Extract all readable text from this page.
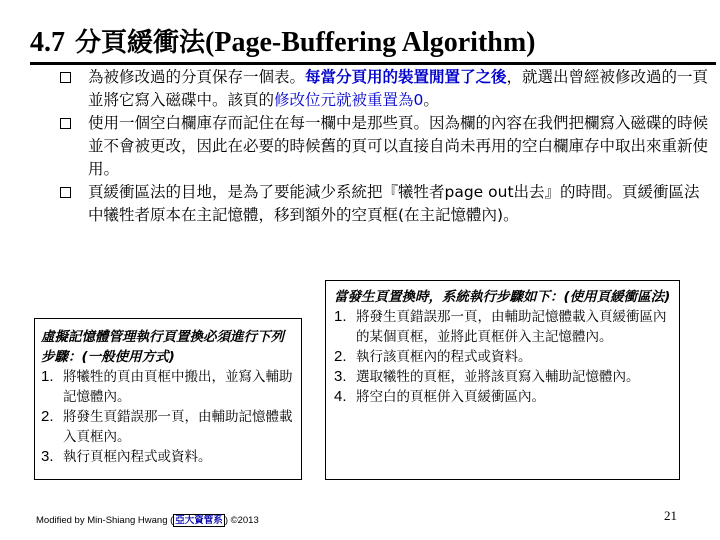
4.7 分頁緩衝法(Page-Buffering Algorithm)
為被修改過的分頁保存一個表。每當分頁用的裝置閒置了之後，就選出曾經被修改過的一頁並將它寫入磁碟中。該頁的修改位元就被重置為0。
使用一個空白欄庫存而記住在每一欄中是那些頁。因為欄的內容在我們把欄寫入磁碟的時候並不會被更改，因此在必要的時候舊的頁可以直接自尚未再用的空白欄庫存中取出來重新使用。
頁緩衝區法的目地，是為了要能減少系統把『犧牲者page out出去』的時間。頁緩衝區法中犧牲者原本在主記憶體，移到額外的空頁框(在主記憶體內)。
虛擬記憶體管理執行頁置換必須進行下列步驟：(一般使用方式)
1. 將犧牲的頁由頁框中搬出，並寫入輔助記憶體內。
2. 將發生頁錯誤那一頁，由輔助記憶體載入頁框內。
3. 執行頁框內程式或資料。
當發生頁置換時，系統執行步驟如下：(使用頁緩衝區法)
1. 將發生頁錯誤那一頁，由輔助記憶體載入頁緩衝區內的某個頁框，並將此頁框併入主記憶體內。
2. 執行該頁框內的程式或資料。
3. 選取犧牲的頁框，並將該頁寫入輔助記憶體內。
4. 將空白的頁框併入頁緩衝區內。
Modified by Min-Shiang Hwang ( 亞大資管系 ) ©2013	21
